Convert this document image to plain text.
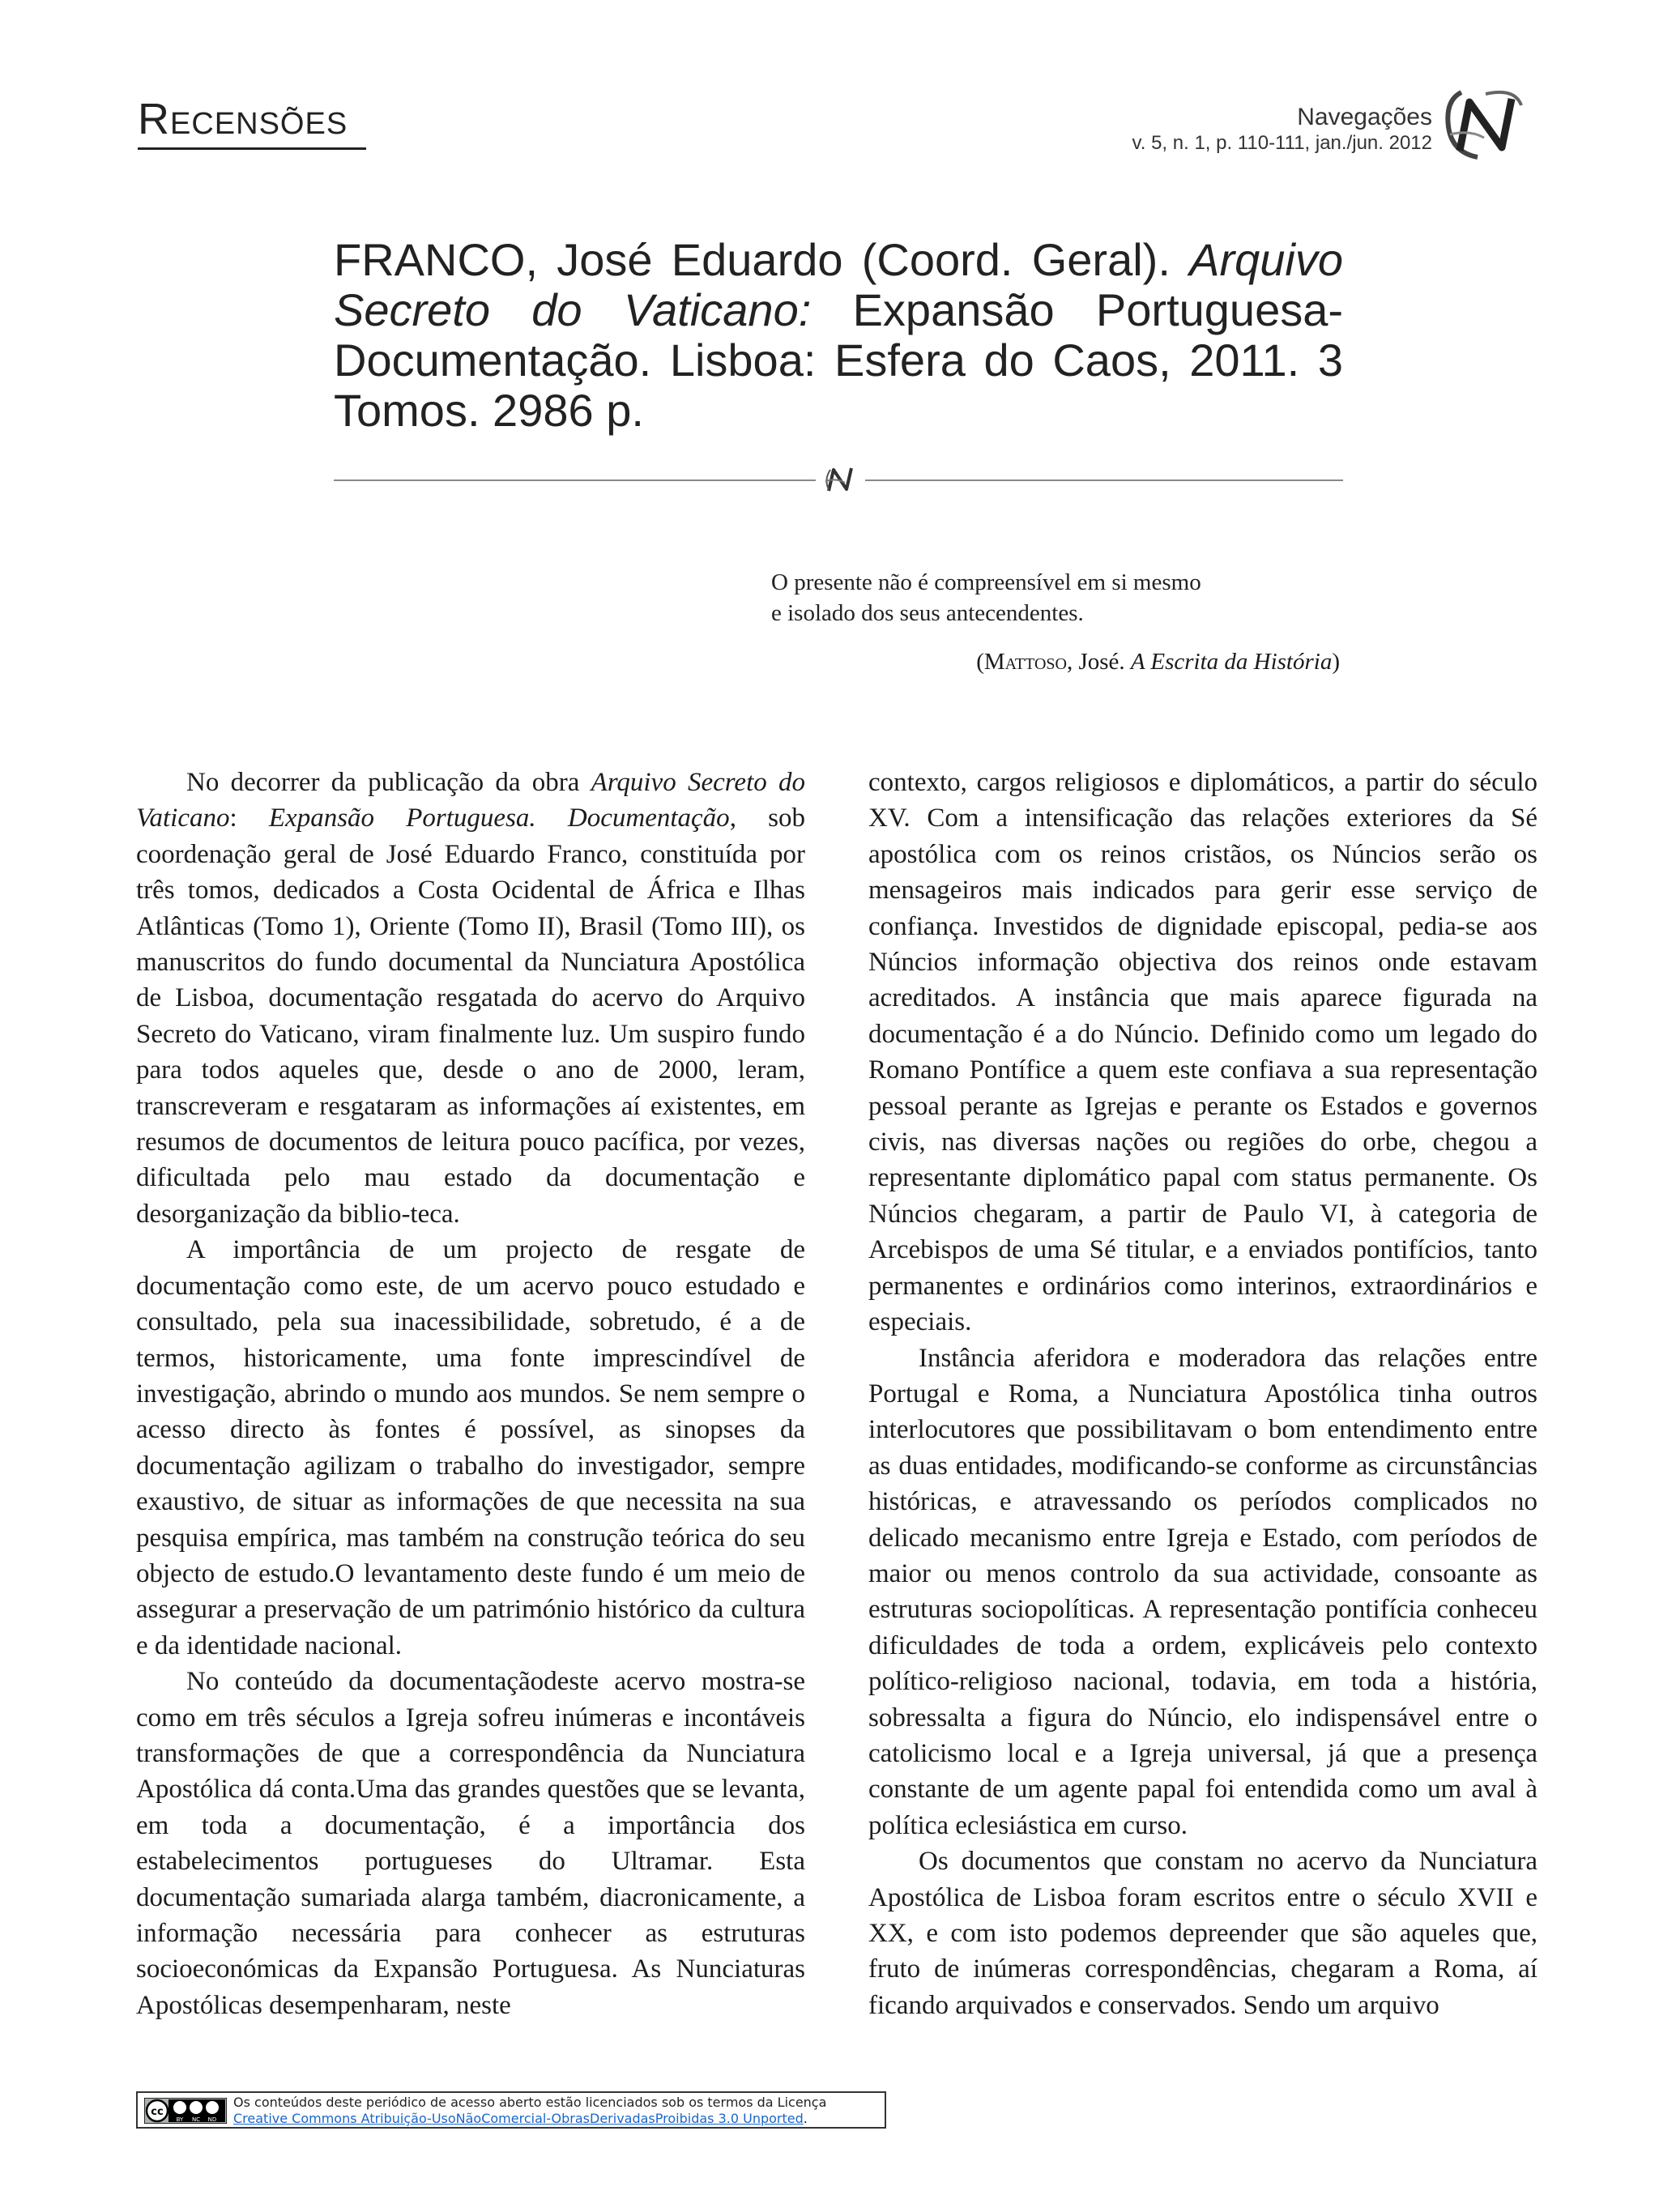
Recensões	Navegações
v. 5, n. 1, p. 110-111, jan./jun. 2012
FRANCO, José Eduardo (Coord. Geral). Arquivo Secreto do Vaticano: Expansão Portuguesa-Documentação. Lisboa: Esfera do Caos, 2011. 3 Tomos. 2986 p.
O presente não é compreensível em si mesmo
e isolado dos seus antecendentes.
(Mattoso, José. A Escrita da História)

No decorrer da publicação da obra Arquivo Secreto do Vaticano: Expansão Portuguesa. Documentação, sob coordenação geral de José Eduardo Franco, constituída por três tomos, dedicados a Costa Ocidental de África e Ilhas Atlânticas (Tomo 1), Oriente (Tomo II), Brasil (Tomo III), os manuscritos do fundo documental da Nunciatura Apostólica de Lisboa, documentação resgatada do acervo do Arquivo Secreto do Vaticano, viram finalmente luz. Um suspiro fundo para todos aqueles que, desde o ano de 2000, leram, transcreveram e resgataram as informações aí existentes, em resumos de documentos de leitura pouco pacífica, por vezes, dificultada pelo mau estado da documentação e desorganização da biblio-teca.

A importância de um projecto de resgate de documentação como este, de um acervo pouco estudado e consultado, pela sua inacessibilidade, sobretudo, é a de termos, historicamente, uma fonte imprescindível de investigação, abrindo o mundo aos mundos. Se nem sempre o acesso directo às fontes é possível, as sinopses da documentação agilizam o trabalho do investigador, sempre exaustivo, de situar as informações de que necessita na sua pesquisa empírica, mas também na construção teórica do seu objecto de estudo.O levantamento deste fundo é um meio de assegurar a preservação de um património histórico da cultura e da identidade nacional.

No conteúdo da documentaçãodeste acervo mostra-se como em três séculos a Igreja sofreu inúmeras e incontáveis transformações de que a correspondência da Nunciatura Apostólica dá conta.Uma das grandes questões que se levanta, em toda a documentação, é a importância dos estabelecimentos portugueses do Ultramar. Esta documentação sumariada alarga também, diacronicamente, a informação necessária para conhecer as estruturas socioeconómicas da Expansão Portuguesa. As Nunciaturas Apostólicas desempenharam, neste

contexto, cargos religiosos e diplomáticos, a partir do século XV. Com a intensificação das relações exteriores da Sé apostólica com os reinos cristãos, os Núncios serão os mensageiros mais indicados para gerir esse serviço de confiança. Investidos de dignidade episcopal, pedia-se aos Núncios informação objectiva dos reinos onde estavam acreditados. A instância que mais aparece figurada na documentação é a do Núncio. Definido como um legado do Romano Pontífice a quem este confiava a sua representação pessoal perante as Igrejas e perante os Estados e governos civis, nas diversas nações ou regiões do orbe, chegou a representante diplomático papal com status permanente. Os Núncios chegaram, a partir de Paulo VI, à categoria de Arcebispos de uma Sé titular, e a enviados pontifícios, tanto permanentes e ordinários como interinos, extraordinários e especiais.

Instância aferidora e moderadora das relações entre Portugal e Roma, a Nunciatura Apostólica tinha outros interlocutores que possibilitavam o bom entendimento entre as duas entidades, modificando-se conforme as circunstâncias históricas, e atravessando os períodos complicados no delicado mecanismo entre Igreja e Estado, com períodos de maior ou menos controlo da sua actividade, consoante as estruturas sociopolíticas. A representação pontifícia conheceu dificuldades de toda a ordem, explicáveis pelo contexto político-religioso nacional, todavia, em toda a história, sobressalta a figura do Núncio, elo indispensável entre o catolicismo local e a Igreja universal, já que a presença constante de um agente papal foi entendida como um aval à política eclesiástica em curso.

Os documentos que constam no acervo da Nunciatura Apostólica de Lisboa foram escritos entre o século XVII e XX, e com isto podemos depreender que são aqueles que, fruto de inúmeras correspondências, chegaram a Roma, aí ficando arquivados e conservados. Sendo um arquivo

cc
BY NC ND
Os conteúdos deste periódico de acesso aberto estão licenciados sob os termos da Licença
Creative Commons Atribuição-UsoNãoComercial-ObrasDerivadasProibidas 3.0 Unported.
